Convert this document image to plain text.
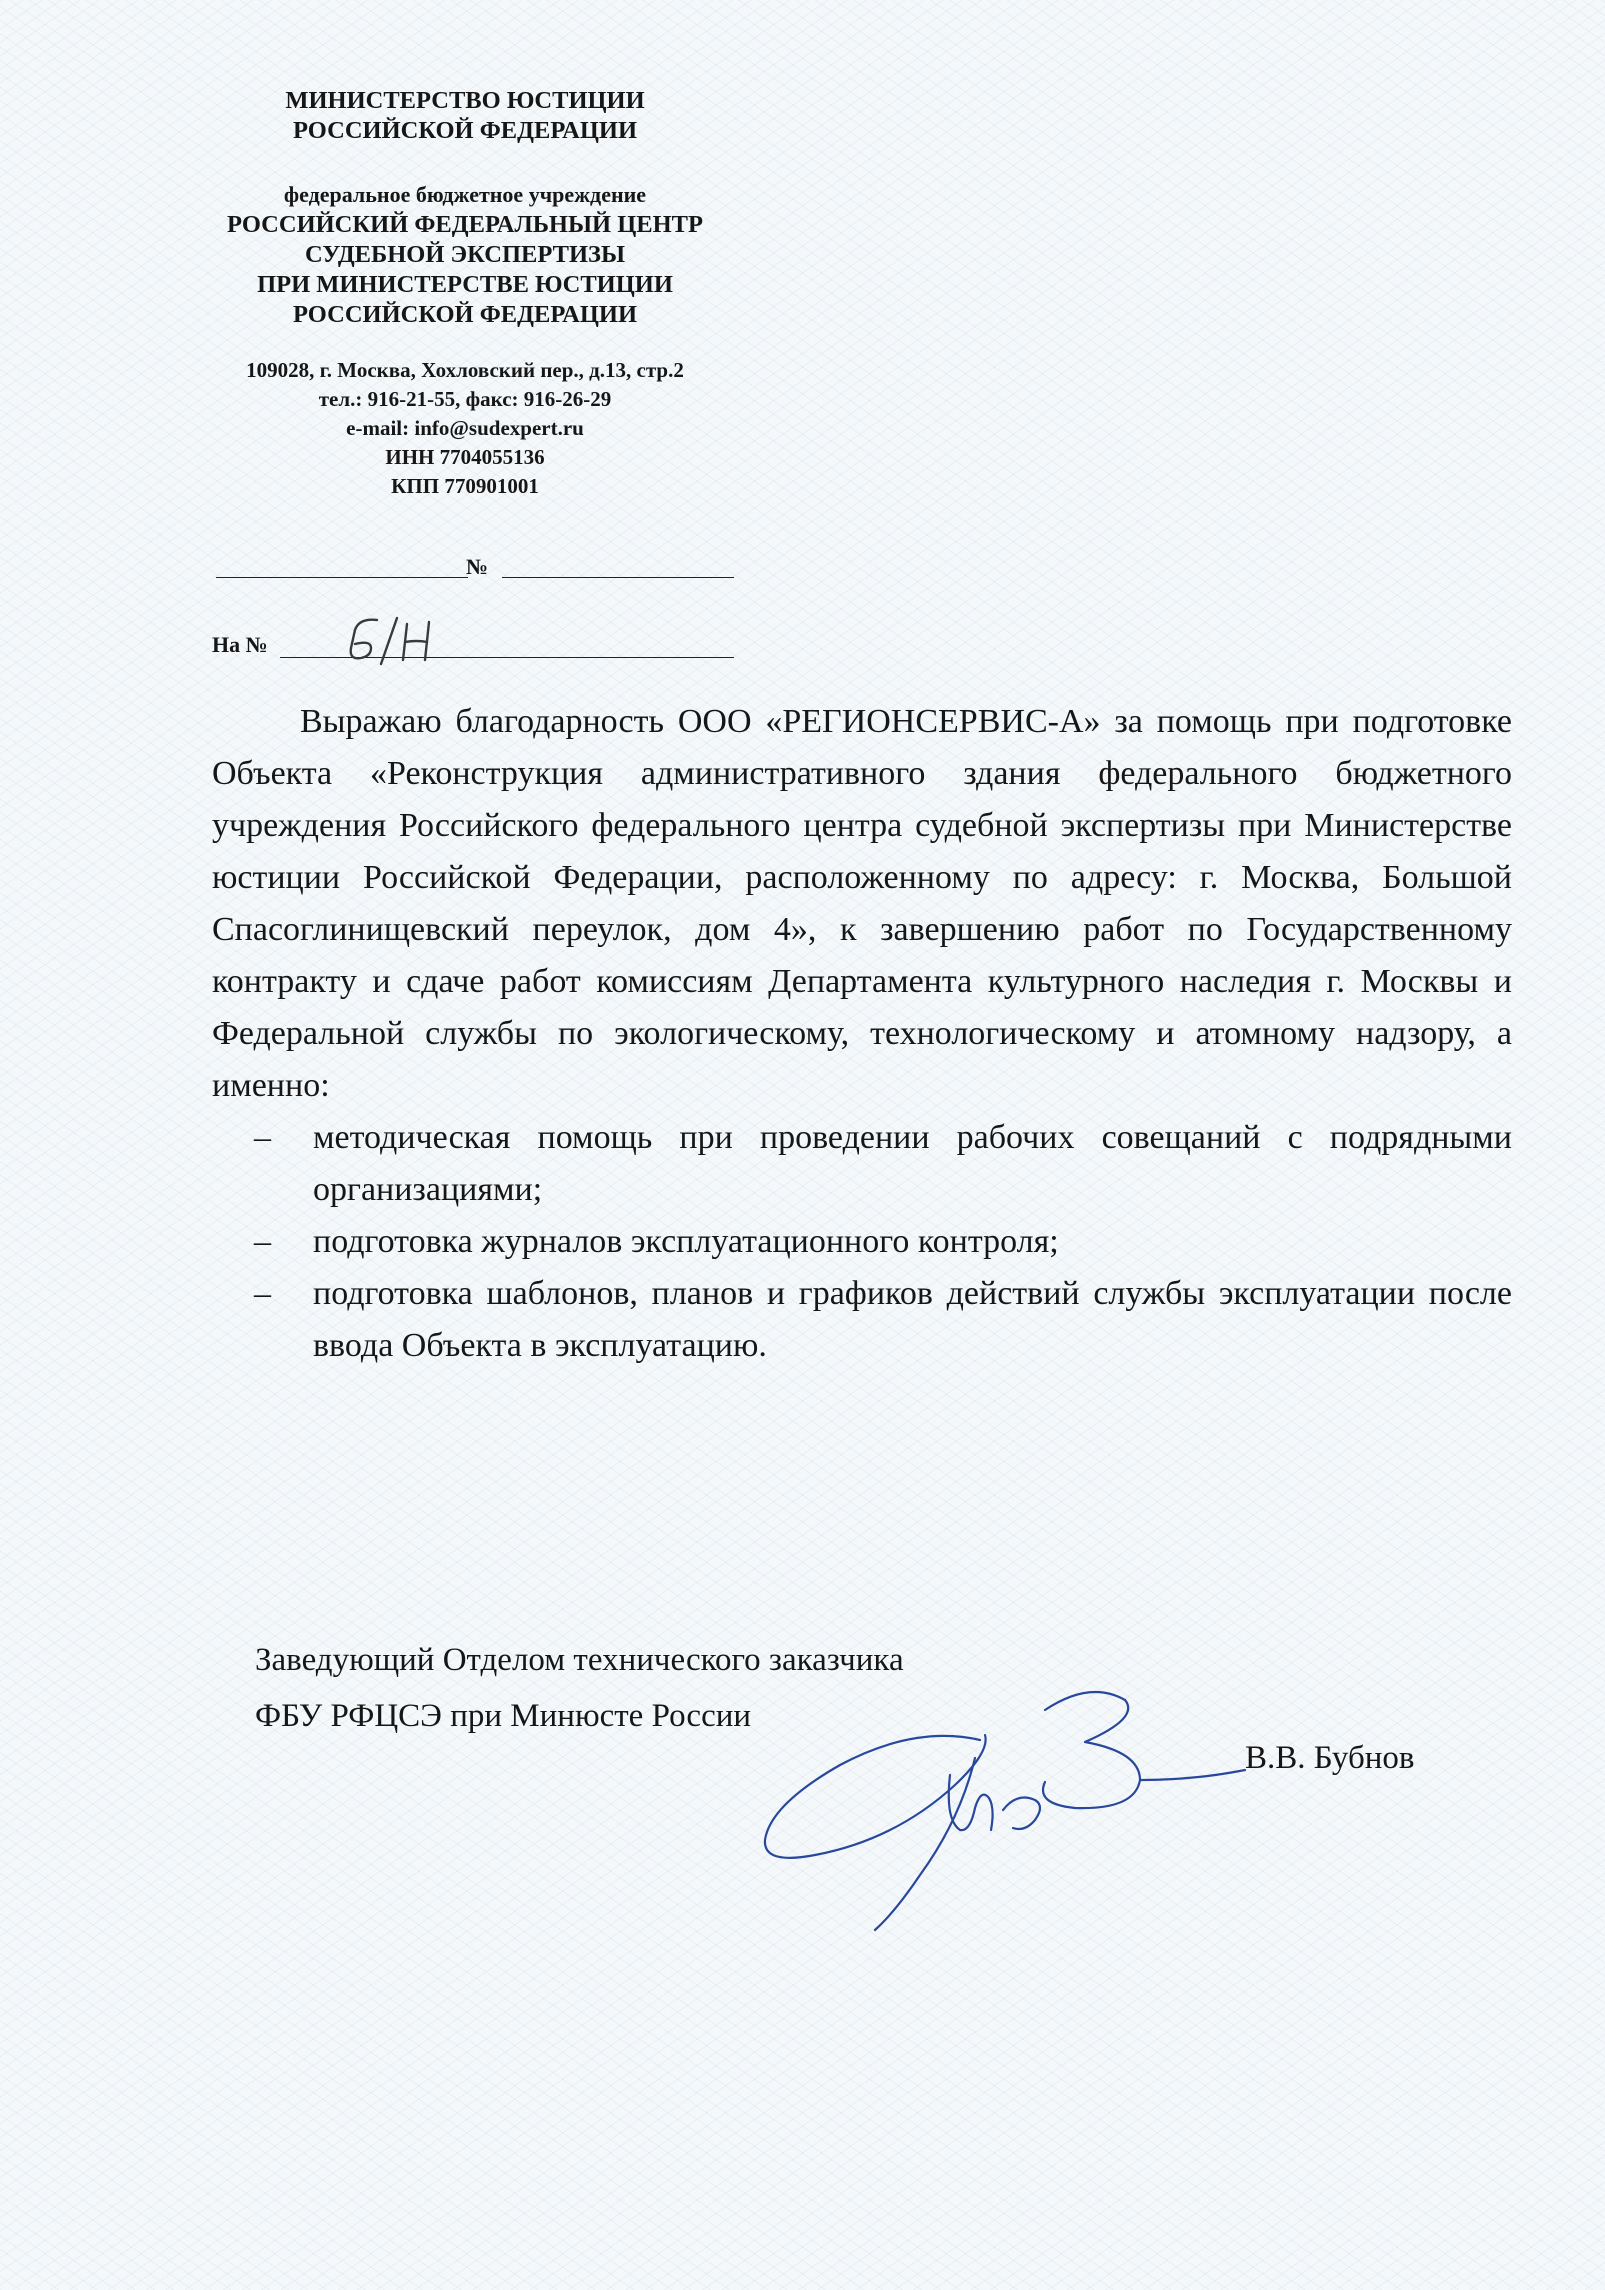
МИНИСТЕРСТВО ЮСТИЦИИ
РОССИЙСКОЙ ФЕДЕРАЦИИ
федеральное бюджетное учреждение
РОССИЙСКИЙ ФЕДЕРАЛЬНЫЙ ЦЕНТР
СУДЕБНОЙ ЭКСПЕРТИЗЫ
ПРИ МИНИСТЕРСТВЕ ЮСТИЦИИ
РОССИЙСКОЙ ФЕДЕРАЦИИ
109028, г. Москва, Хохловский пер., д.13, стр.2
тел.: 916-21-55, факс: 916-26-29
e-mail: info@sudexpert.ru
ИНН 7704055136
КПП 770901001
№
На №

Выражаю благодарность ООО «РЕГИОНСЕРВИС-А» за помощь при подготовке Объекта «Реконструкция административного здания федерального бюджетного учреждения Российского федерального центра судебной экспертизы при Министерстве юстиции Российской Федерации, расположенному по адресу: г. Москва, Большой Спасоглинищевский переулок, дом 4», к завершению работ по Государственному контракту и сдаче работ комиссиям Департамента культурного наследия г. Москвы и Федеральной службы по экологическому, технологическому и атомному надзору, а именно:

– методическая помощь при проведении рабочих совещаний с подрядными организациями;
– подготовка журналов эксплуатационного контроля;
– подготовка шаблонов, планов и графиков действий службы эксплуатации после ввода Объекта в эксплуатацию.
Заведующий Отделом технического заказчика
ФБУ РФЦСЭ при Минюсте России
В.В. Бубнов
